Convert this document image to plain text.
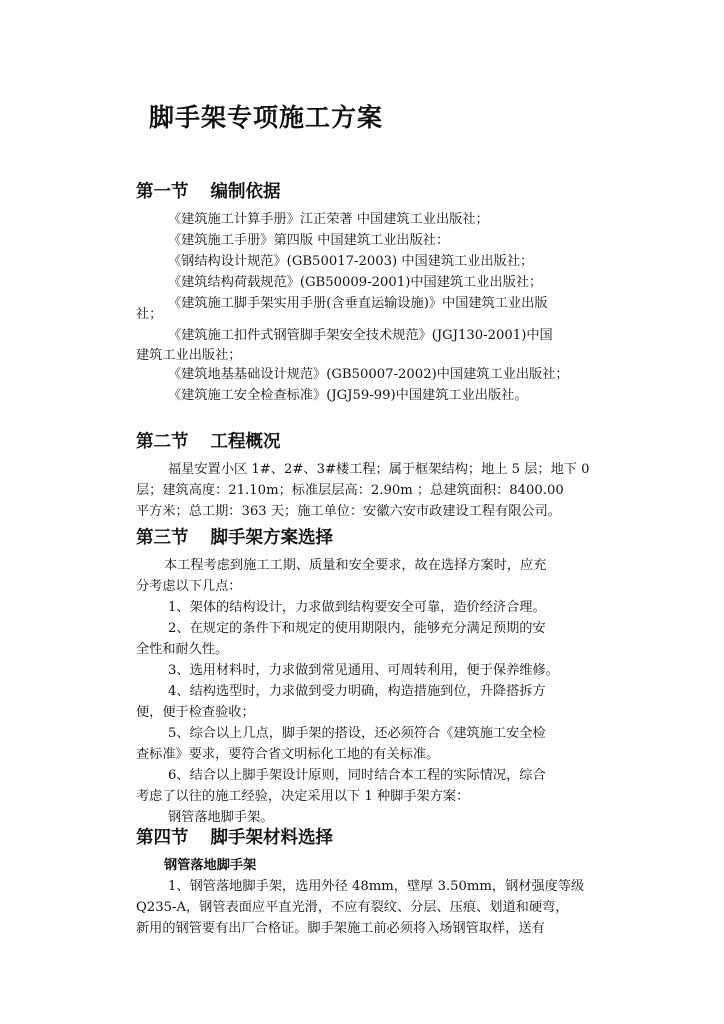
脚手架专项施工方案
第一节 编制依据

《建筑施工计算手册》江正荣著 中国建筑工业出版社；

《建筑施工手册》第四版 中国建筑工业出版社：

《钢结构设计规范》(GB50017-2003) 中国建筑工业出版社；

《建筑结构荷载规范》(GB50009-2001)中国建筑工业出版社；

《建筑施工脚手架实用手册(含垂直运输设施)》中国建筑工业出版

社；

《建筑施工扣件式钢管脚手架安全技术规范》(JGJ130-2001)中国

建筑工业出版社；

《建筑地基基础设计规范》(GB50007-2002)中国建筑工业出版社；

《建筑施工安全检查标准》(JGJ59-99)中国建筑工业出版社。

第二节 工程概况

福星安置小区 1#、2#、3#楼工程；属于框架结构；地上 5 层；地下 0

层；建筑高度：21.10m；标准层层高：2.90m ；总建筑面积：8400.00

平方米；总工期：363 天；施工单位：安徽六安市政建设工程有限公司。

第三节 脚手架方案选择

本工程考虑到施工工期、质量和安全要求，故在选择方案时，应充

分考虑以下几点：

1、架体的结构设计，力求做到结构要安全可靠，造价经济合理。

2、在规定的条件下和规定的使用期限内，能够充分满足预期的安

全性和耐久性。

3、选用材料时，力求做到常见通用、可周转利用，便于保养维修。

4、结构选型时，力求做到受力明确，构造措施到位，升降搭拆方

便，便于检查验收；

5、综合以上几点，脚手架的搭设，还必须符合《建筑施工安全检

查标准》要求，要符合省文明标化工地的有关标准。

6、结合以上脚手架设计原则，同时结合本工程的实际情况，综合

考虑了以往的施工经验，决定采用以下 1 种脚手架方案：

钢管落地脚手架。

第四节 脚手架材料选择

钢管落地脚手架

1、钢管落地脚手架，选用外径 48mm，壁厚 3.50mm，钢材强度等级

Q235-A，钢管表面应平直光滑，不应有裂纹、分层、压痕、划道和硬弯，

新用的钢管要有出厂合格证。脚手架施工前必须将入场钢管取样，送有
